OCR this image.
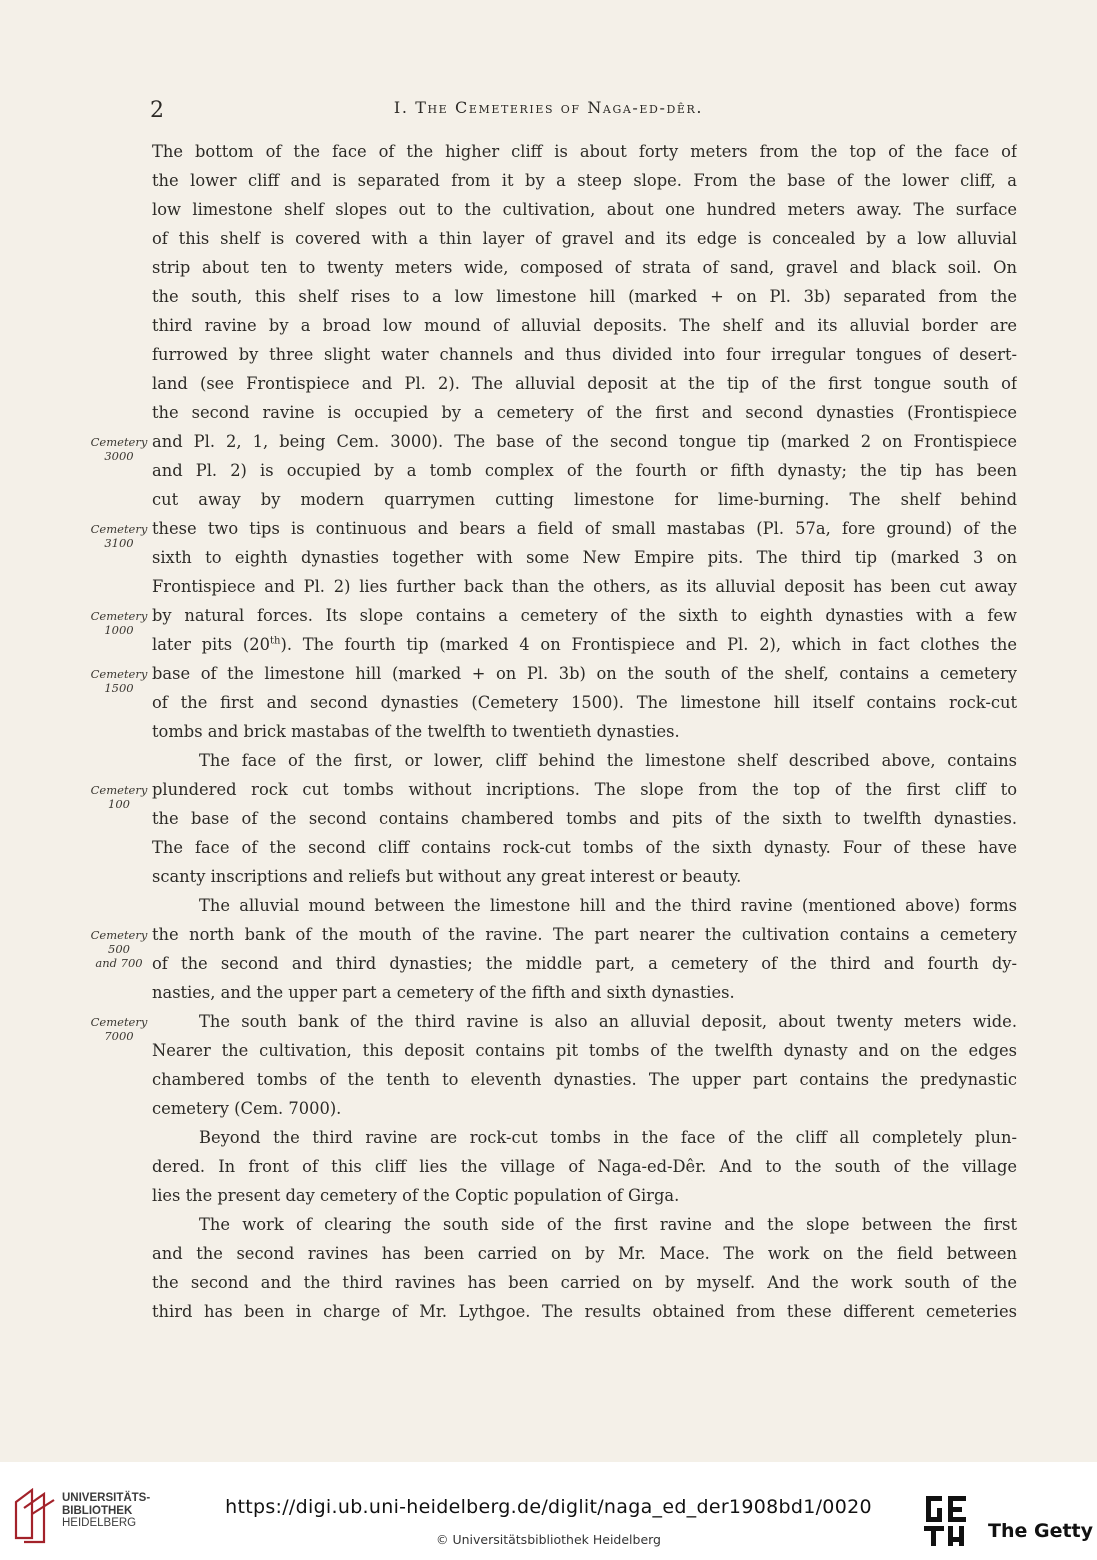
2	I. The Cemeteries of Naga-ed-dêr.
The bottom of the face of the higher cliff is about forty meters from the top of the face of
the lower cliff and is separated from it by a steep slope. From the base of the lower cliff, a
low limestone shelf slopes out to the cultivation, about one hundred meters away. The surface
of this shelf is covered with a thin layer of gravel and its edge is concealed by a low alluvial
strip about ten to twenty meters wide, composed of strata of sand, gravel and black soil. On
the south, this shelf rises to a low limestone hill (marked + on Pl. 3b) separated from the
third ravine by a broad low mound of alluvial deposits. The shelf and its alluvial border are
furrowed by three slight water channels and thus divided into four irregular tongues of desert-
land (see Frontispiece and Pl. 2). The alluvial deposit at the tip of the first tongue south of
the second ravine is occupied by a cemetery of the first and second dynasties (Frontispiece
and Pl. 2, 1, being Cem. 3000). The base of the second tongue tip (marked 2 on Frontispiece
and Pl. 2) is occupied by a tomb complex of the fourth or fifth dynasty; the tip has been
cut away by modern quarrymen cutting limestone for lime-burning. The shelf behind
these two tips is continuous and bears a field of small mastabas (Pl. 57a, fore ground) of the
sixth to eighth dynasties together with some New Empire pits. The third tip (marked 3 on
Frontispiece and Pl. 2) lies further back than the others, as its alluvial deposit has been cut away
by natural forces. Its slope contains a cemetery of the sixth to eighth dynasties with a few
later pits (20th). The fourth tip (marked 4 on Frontispiece and Pl. 2), which in fact clothes the
base of the limestone hill (marked + on Pl. 3b) on the south of the shelf, contains a cemetery
of the first and second dynasties (Cemetery 1500). The limestone hill itself contains rock-cut
tombs and brick mastabas of the twelfth to twentieth dynasties.
The face of the first, or lower, cliff behind the limestone shelf described above, contains
plundered rock cut tombs without incriptions. The slope from the top of the first cliff to
the base of the second contains chambered tombs and pits of the sixth to twelfth dynasties.
The face of the second cliff contains rock-cut tombs of the sixth dynasty. Four of these have
scanty inscriptions and reliefs but without any great interest or beauty.
The alluvial mound between the limestone hill and the third ravine (mentioned above) forms
the north bank of the mouth of the ravine. The part nearer the cultivation contains a cemetery
of the second and third dynasties; the middle part, a cemetery of the third and fourth dy-
nasties, and the upper part a cemetery of the fifth and sixth dynasties.
The south bank of the third ravine is also an alluvial deposit, about twenty meters wide.
Nearer the cultivation, this deposit contains pit tombs of the twelfth dynasty and on the edges
chambered tombs of the tenth to eleventh dynasties. The upper part contains the predynastic
cemetery (Cem. 7000).
Beyond the third ravine are rock-cut tombs in the face of the cliff all completely plun-
dered. In front of this cliff lies the village of Naga-ed-Dêr. And to the south of the village
lies the present day cemetery of the Coptic population of Girga.
The work of clearing the south side of the first ravine and the slope between the first
and the second ravines has been carried on by Mr. Mace. The work on the field between
the second and the third ravines has been carried on by myself. And the work south of the
third has been in charge of Mr. Lythgoe. The results obtained from these different cemeteries
Cemetery
3000
Cemetery
3100
Cemetery
1000
Cemetery
1500
Cemetery
100
Cemetery
500
and 700
Cemetery
7000
UNIVERSITÄTS-
BIBLIOTHEK
HEIDELBERG
https://digi.ub.uni-heidelberg.de/diglit/naga_ed_der1908bd1/0020
© Universitätsbibliothek Heidelberg	The Getty
